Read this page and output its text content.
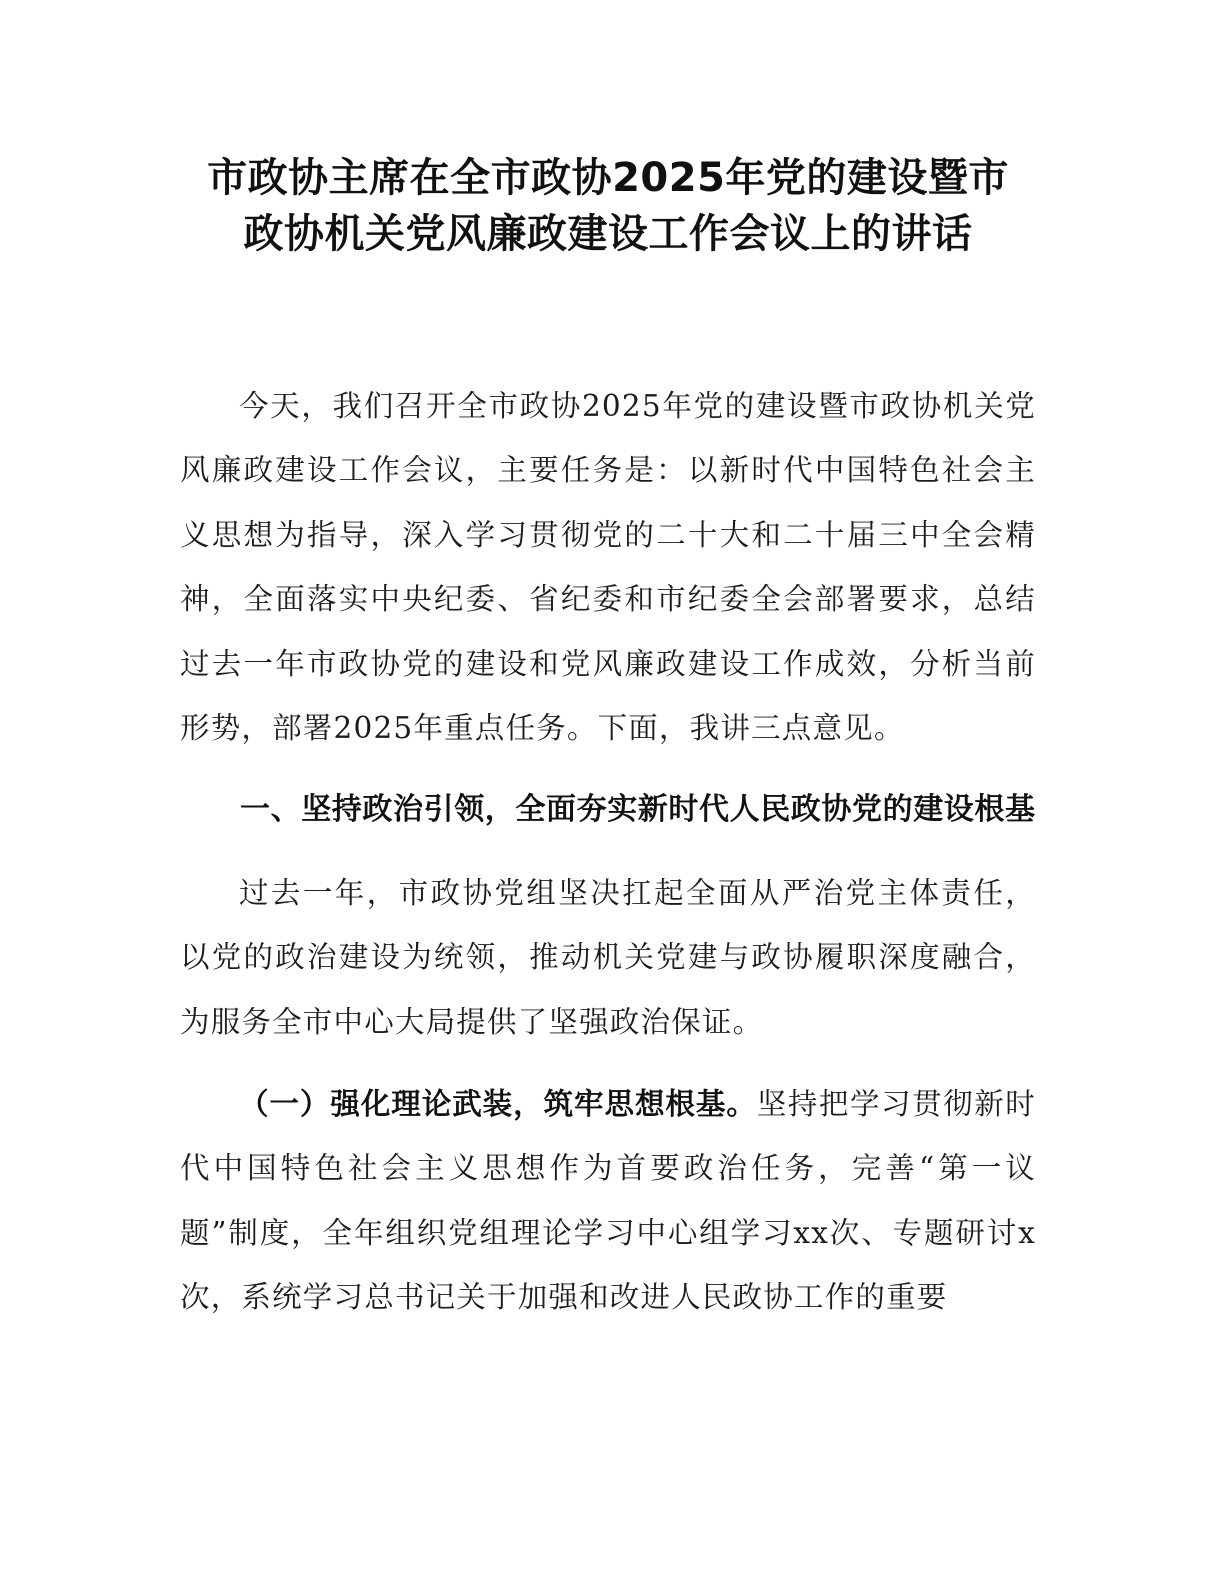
市政协主席在全市政协2025年党的建设暨市
政协机关党风廉政建设工作会议上的讲话

今天，我们召开全市政协2025年党的建设暨市政协机关党风廉政建设工作会议，主要任务是：以新时代中国特色社会主义思想为指导，深入学习贯彻党的二十大和二十届三中全会精神，全面落实中央纪委、省纪委和市纪委全会部署要求，总结过去一年市政协党的建设和党风廉政建设工作成效，分析当前形势，部署2025年重点任务。下面，我讲三点意见。

一、坚持政治引领，全面夯实新时代人民政协党的建设根基

过去一年，市政协党组坚决扛起全面从严治党主体责任，以党的政治建设为统领，推动机关党建与政协履职深度融合，为服务全市中心大局提供了坚强政治保证。

（一）强化理论武装，筑牢思想根基。坚持把学习贯彻新时代中国特色社会主义思想作为首要政治任务，完善“第一议题”制度，全年组织党组理论学习中心组学习xx次、专题研讨x次，系统学习总书记关于加强和改进人民政协工作的重要
